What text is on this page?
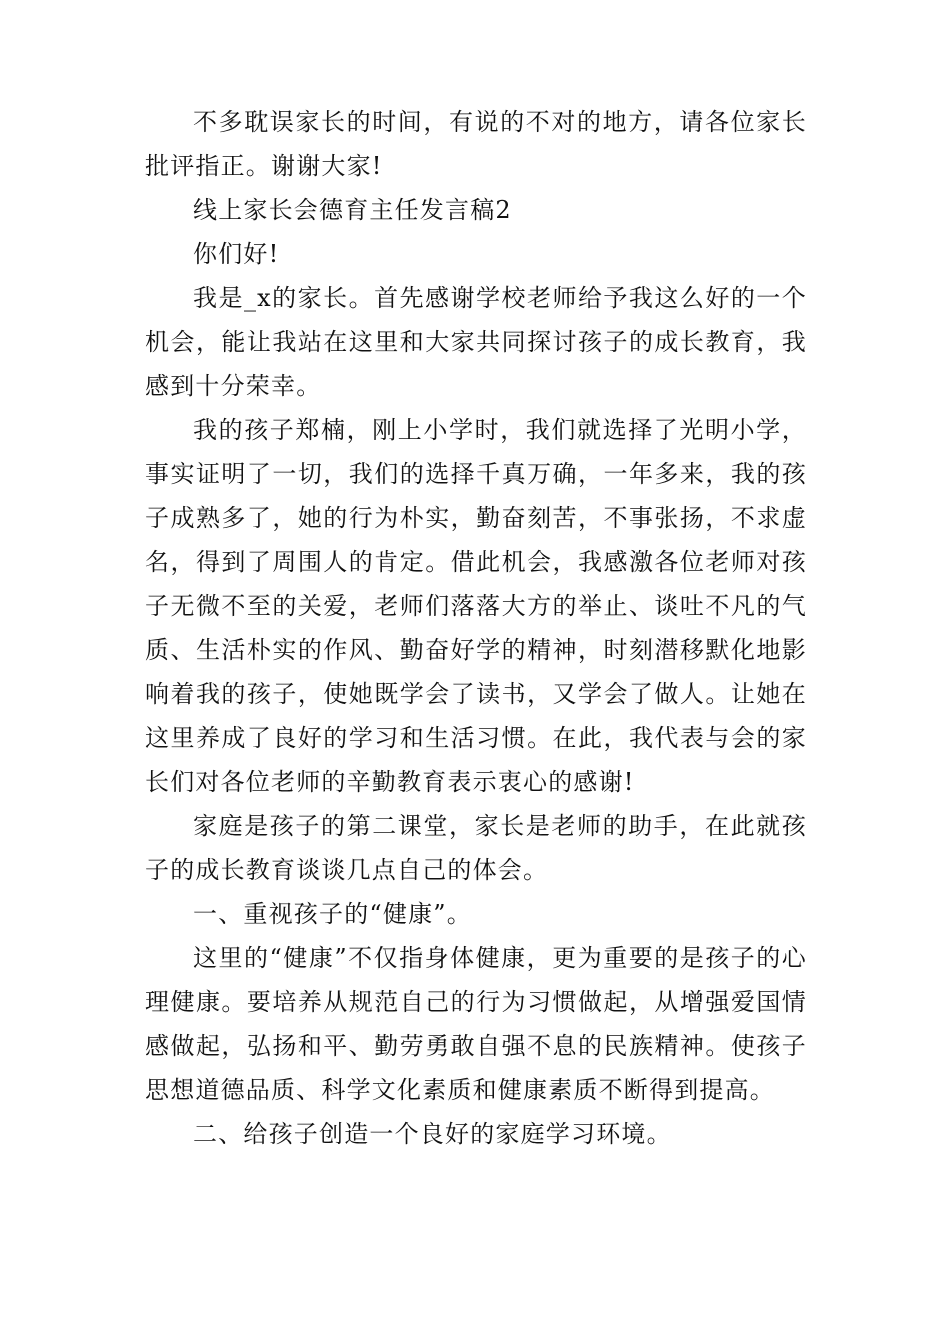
不多耽误家长的时间，有说的不对的地方，请各位家长批评指正。谢谢大家!

线上家长会德育主任发言稿2

你们好!

我是_x的家长。首先感谢学校老师给予我这么好的一个机会，能让我站在这里和大家共同探讨孩子的成长教育，我感到十分荣幸。

我的孩子郑楠，刚上小学时，我们就选择了光明小学，事实证明了一切，我们的选择千真万确，一年多来，我的孩子成熟多了，她的行为朴实，勤奋刻苦，不事张扬，不求虚名，得到了周围人的肯定。借此机会，我感激各位老师对孩子无微不至的关爱，老师们落落大方的举止、谈吐不凡的气质、生活朴实的作风、勤奋好学的精神，时刻潜移默化地影响着我的孩子，使她既学会了读书，又学会了做人。让她在这里养成了良好的学习和生活习惯。在此，我代表与会的家长们对各位老师的辛勤教育表示衷心的感谢!

家庭是孩子的第二课堂，家长是老师的助手，在此就孩子的成长教育谈谈几点自己的体会。

一、重视孩子的“健康”。

这里的“健康”不仅指身体健康，更为重要的是孩子的心理健康。要培养从规范自己的行为习惯做起，从增强爱国情感做起，弘扬和平、勤劳勇敢自强不息的民族精神。使孩子思想道德品质、科学文化素质和健康素质不断得到提高。

二、给孩子创造一个良好的家庭学习环境。
